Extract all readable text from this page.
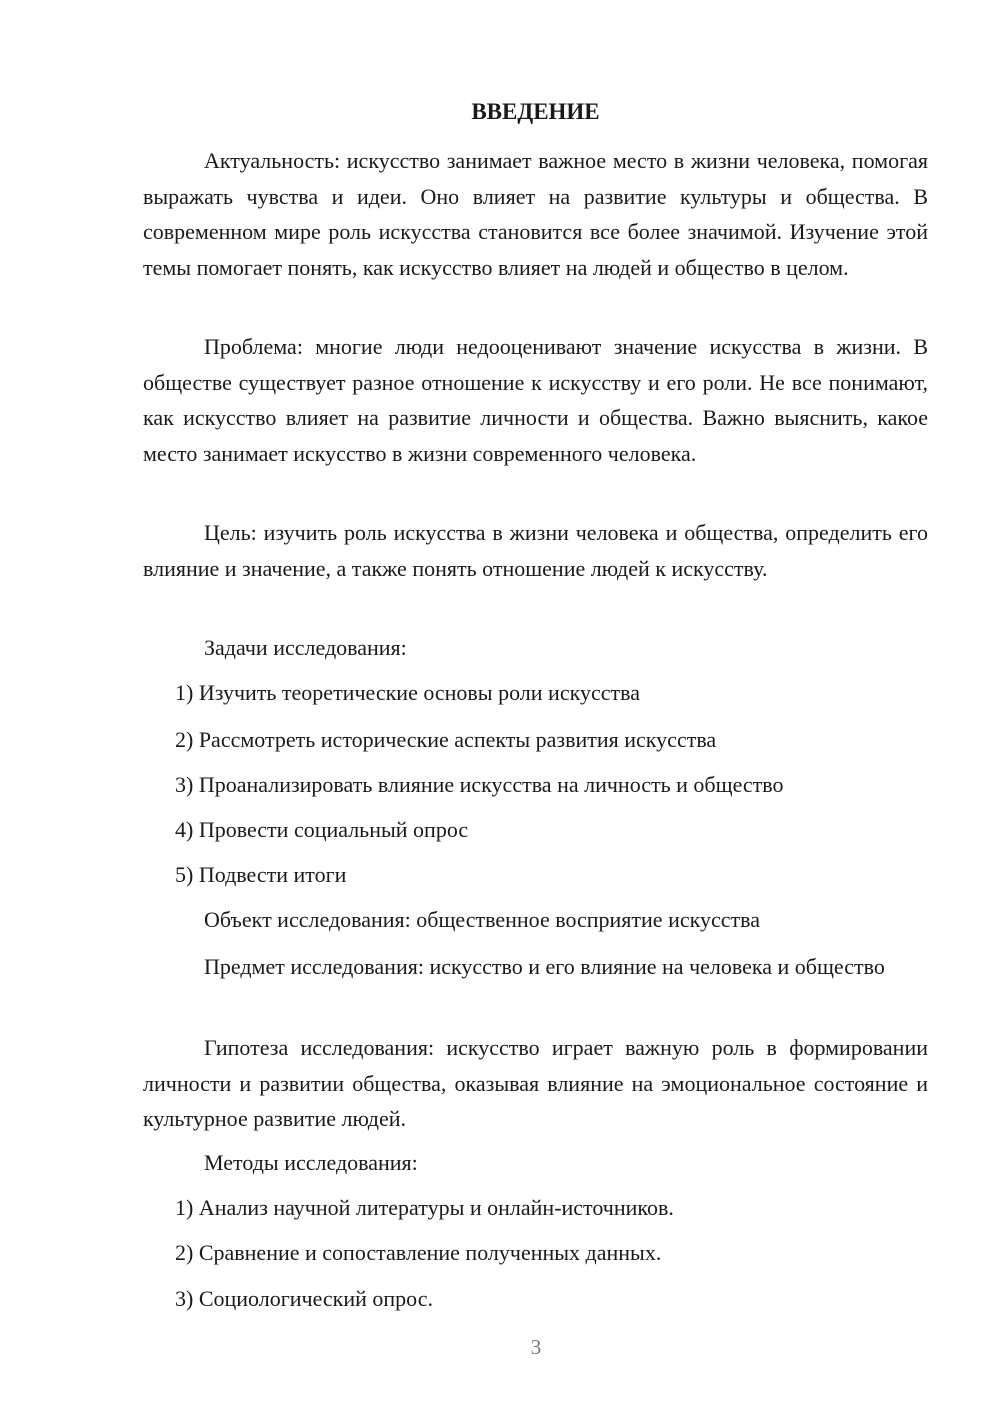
ВВЕДЕНИЕ

Актуальность: искусство занимает важное место в жизни человека, помогая выражать чувства и идеи. Оно влияет на развитие культуры и общества. В современном мире роль искусства становится все более значимой. Изучение этой темы помогает понять, как искусство влияет на людей и общество в целом.

Проблема: многие люди недооценивают значение искусства в жизни. В обществе существует разное отношение к искусству и его роли. Не все понимают, как искусство влияет на развитие личности и общества. Важно выяснить, какое место занимает искусство в жизни современного человека.

Цель: изучить роль искусства в жизни человека и общества, определить его влияние и значение, а также понять отношение людей к искусству.

Задачи исследования:

1) Изучить теоретические основы роли искусства

2) Рассмотреть исторические аспекты развития искусства

3) Проанализировать влияние искусства на личность и общество

4) Провести социальный опрос

5) Подвести итоги

Объект исследования: общественное восприятие искусства

Предмет исследования: искусство и его влияние на человека и общество

Гипотеза исследования: искусство играет важную роль в формировании личности и развитии общества, оказывая влияние на эмоциональное состояние и культурное развитие людей.

Методы исследования:

1) Анализ научной литературы и онлайн-источников.

2) Сравнение и сопоставление полученных данных.

3) Социологический опрос.

3
